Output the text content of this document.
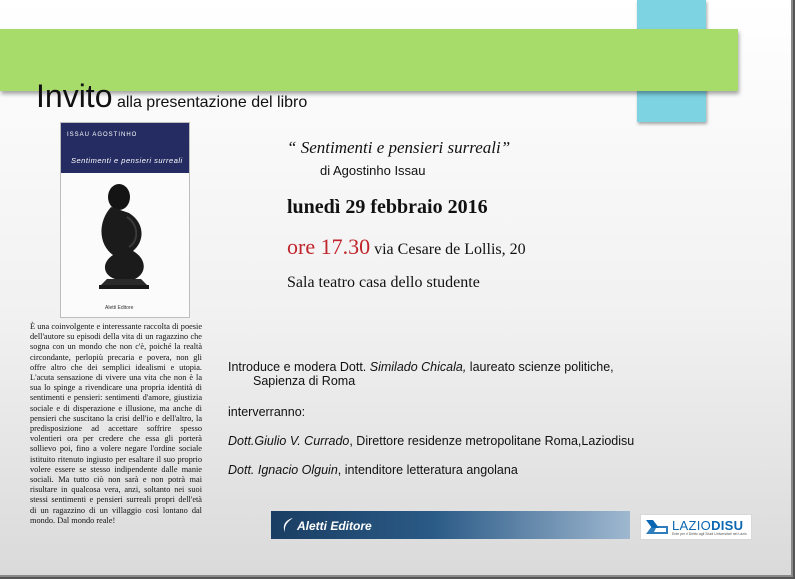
Invito alla presentazione del libro
ISSAU AGOSTINHO
Sentimenti e pensieri surreali
Aletti Editore
È una coinvolgente e interessante raccolta di poesie dell'autore su episodi della vita di un ragazzino che sogna con un mondo che non c'è, poiché la realtà circondante, perlopiù precaria e povera, non gli offre altro che dei semplici idealismi e utopia. L'acuta sensazione di vivere una vita che non è la sua lo spinge a rivendicare una propria identità di sentimenti e pensieri: sentimenti d'amore, giustizia sociale e di disperazione e illusione, ma anche di pensieri che suscitano la crisi dell'io e dell'altro, la predisposizione ad accettare soffrire spesso volentieri ora per credere che essa gli porterà sollievo poi, fino a volere negare l'ordine sociale istituito ritenuto ingiusto per esaltare il suo proprio volere essere se stesso indipendente dalle manie sociali. Ma tutto ciò non sarà e non potrà mai risultare in qualcosa vera, anzi, soltanto nei suoi stessi sentimenti e pensieri surreali propri dell'età di un ragazzino di un villaggio così lontano dal mondo. Dal mondo reale!
“ Sentimenti e pensieri surreali”
di Agostinho Issau
lunedì 29 febbraio 2016
ore 17.30 via Cesare de Lollis, 20
Sala teatro casa dello studente
Introduce e modera Dott. Similado Chicala, laureato scienze politiche,
Sapienza di Roma
interverranno:
Dott.Giulio V. Currado, Direttore residenze metropolitane Roma,Laziodisu
Dott. Ignacio Olguin, intenditore letteratura angolana
Aletti Editore	LAZIODISU
Ente per il Diritto agli Studi Universitari nel Lazio
